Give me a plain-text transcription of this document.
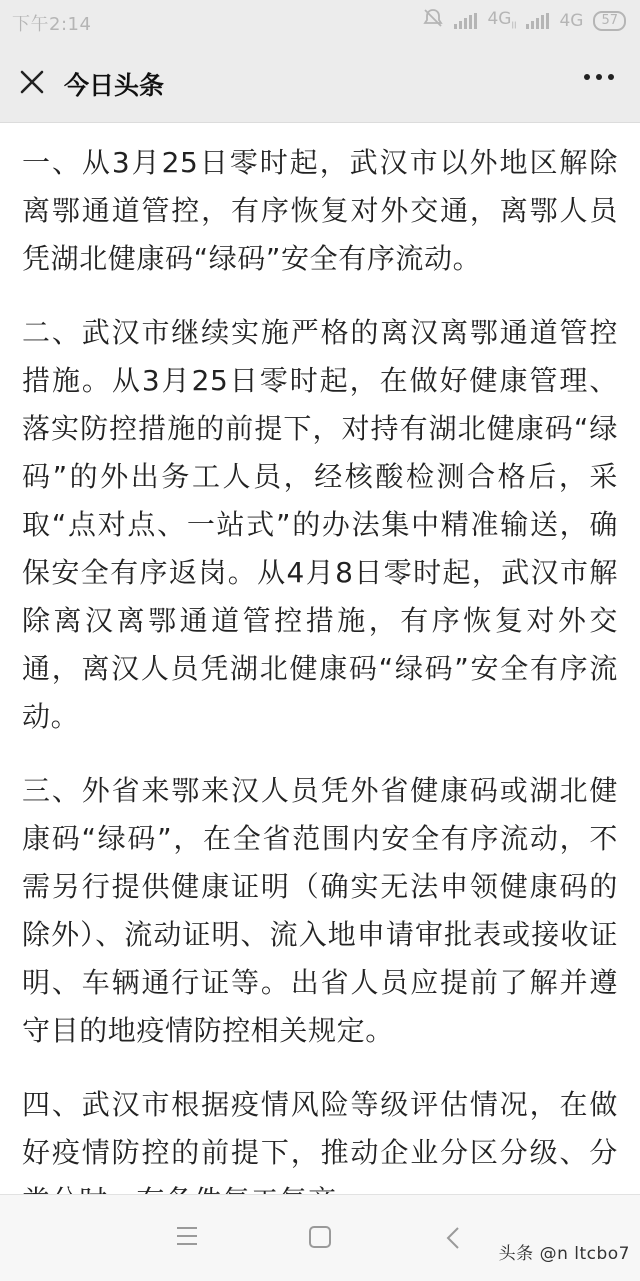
下午2:14	$4G_{ll}$	4G	57
今日头条

一、从3月25日零时起，武汉市以外地区解除离鄂通道管控，有序恢复对外交通，离鄂人员凭湖北健康码“绿码”安全有序流动。

二、武汉市继续实施严格的离汉离鄂通道管控措施。从3月25日零时起，在做好健康管理、落实防控措施的前提下，对持有湖北健康码“绿码”的外出务工人员，经核酸检测合格后，采取“点对点、一站式”的办法集中精准输送，确保安全有序返岗。从4月8日零时起，武汉市解除离汉离鄂通道管控措施，有序恢复对外交通，离汉人员凭湖北健康码“绿码”安全有序流动。

三、外省来鄂来汉人员凭外省健康码或湖北健康码“绿码”，在全省范围内安全有序流动，不需另行提供健康证明（确实无法申领健康码的除外）、流动证明、流入地申请审批表或接收证明、车辆通行证等。出省人员应提前了解并遵守目的地疫情防控相关规定。

四、武汉市根据疫情风险等级评估情况，在做好疫情防控的前提下，推动企业分区分级、分

头条 @n ltcbo7
